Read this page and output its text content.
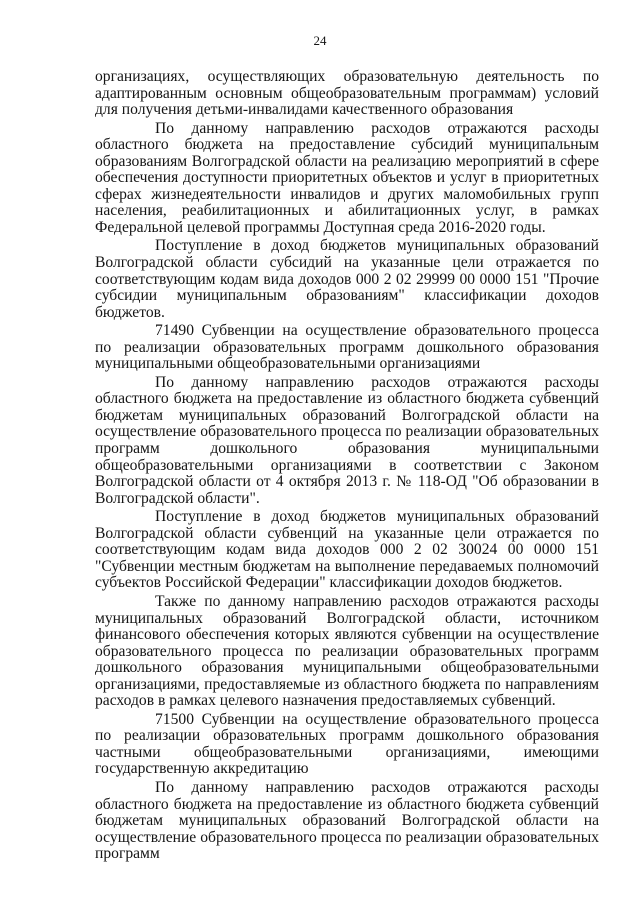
24

организациях, осуществляющих образовательную деятельность по адаптированным основным общеобразовательным программам) условий для получения детьми-инвалидами качественного образования

По данному направлению расходов отражаются расходы областного бюджета на предоставление субсидий муниципальным образованиям Волгоградской области на реализацию мероприятий в сфере обеспечения доступности приоритетных объектов и услуг в приоритетных сферах жизнедеятельности инвалидов и других маломобильных групп населения, реабилитационных и абилитационных услуг, в рамках Федеральной целевой программы Доступная среда 2016-2020 годы.

Поступление в доход бюджетов муниципальных образований Волгоградской области субсидий на указанные цели отражается по соответствующим кодам вида доходов 000 2 02 29999 00 0000 151 "Прочие субсидии муниципальным образованиям" классификации доходов бюджетов.

71490 Субвенции на осуществление образовательного процесса по реализации образовательных программ дошкольного образования муниципальными общеобразовательными организациями

По данному направлению расходов отражаются расходы областного бюджета на предоставление из областного бюджета субвенций бюджетам муниципальных образований Волгоградской области на осуществление образовательного процесса по реализации образовательных программ дошкольного образования муниципальными общеобразовательными организациями в соответствии с Законом Волгоградской области от 4 октября 2013 г. № 118-ОД "Об образовании в Волгоградской области".

Поступление в доход бюджетов муниципальных образований Волгоградской области субвенций на указанные цели отражается по соответствующим кодам вида доходов 000 2 02 30024 00 0000 151 "Субвенции местным бюджетам на выполнение передаваемых полномочий субъектов Российской Федерации" классификации доходов бюджетов.

Также по данному направлению расходов отражаются расходы муниципальных образований Волгоградской области, источником финансового обеспечения которых являются субвенции на осуществление образовательного процесса по реализации образовательных программ дошкольного образования муниципальными общеобразовательными организациями, предоставляемые из областного бюджета по направлениям расходов в рамках целевого назначения предоставляемых субвенций.

71500 Субвенции на осуществление образовательного процесса по реализации образовательных программ дошкольного образования частными общеобразовательными организациями, имеющими государственную аккредитацию

По данному направлению расходов отражаются расходы областного бюджета на предоставление из областного бюджета субвенций бюджетам муниципальных образований Волгоградской области на осуществление образовательного процесса по реализации образовательных программ
